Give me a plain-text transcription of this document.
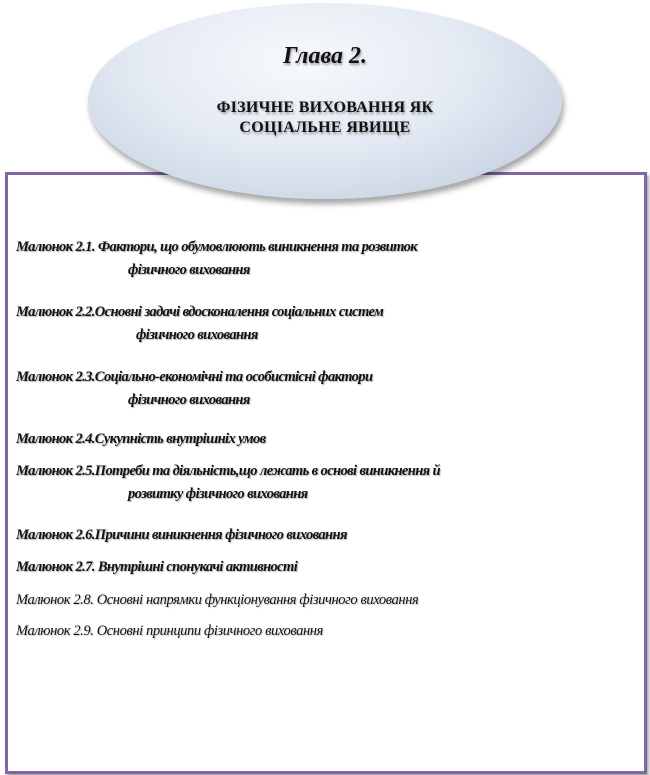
Глава 2.
ФІЗИЧНЕ ВИХОВАННЯ ЯК
СОЦІАЛЬНЕ ЯВИЩЕ
Малюнок 2.1. Фактори, що обумовлюють виникнення та розвиток
фізичного виховання
Малюнок 2.2.Основні задачі вдосконалення соціальних систем
фізичного виховання
Малюнок 2.3.Соціально-економічні та особистісні фактори
фізичного виховання
Малюнок 2.4.Сукупність внутрішніх умов
Малюнок 2.5.Потреби та діяльність,що лежать в основі виникнення й
розвитку фізичного виховання
Малюнок 2.6.Причини виникнення фізичного виховання
Малюнок 2.7. Внутрішні спонукачі активності
Малюнок 2.8. Основні напрямки функціонування фізичного виховання
Малюнок 2.9. Основні принципи фізичного виховання
